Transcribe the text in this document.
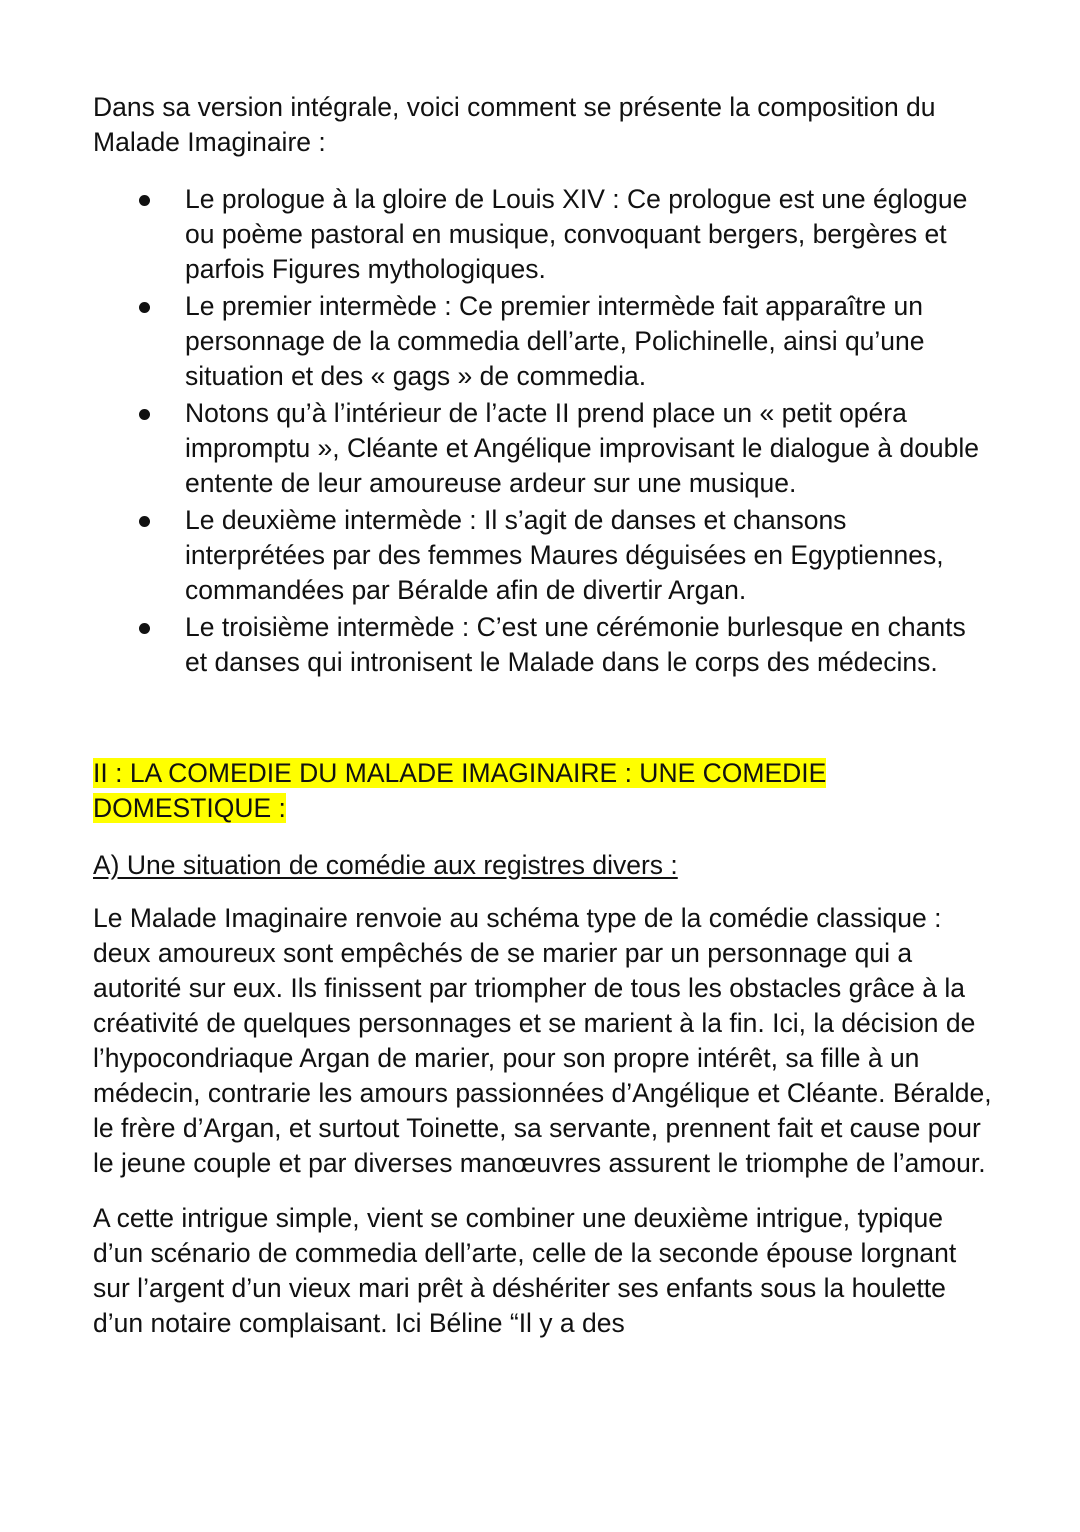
Dans sa version intégrale, voici comment se présente la composition du Malade Imaginaire :

Le prologue à la gloire de Louis XIV : Ce prologue est une églogue ou poème pastoral en musique, convoquant bergers, bergères et parfois Figures mythologiques.
Le premier intermède : Ce premier intermède fait apparaître un personnage de la commedia dell’arte, Polichinelle, ainsi qu’une situation et des « gags » de commedia.
Notons qu’à l’intérieur de l’acte II prend place un « petit opéra impromptu », Cléante et Angélique improvisant le dialogue à double entente de leur amoureuse ardeur sur une musique.
Le deuxième intermède : Il s’agit de danses et chansons interprétées par des femmes Maures déguisées en Egyptiennes, commandées par Béralde afin de divertir Argan.
Le troisième intermède : C’est une cérémonie burlesque en chants et danses qui intronisent le Malade dans le corps des médecins.

II : LA COMEDIE DU MALADE IMAGINAIRE : UNE COMEDIE DOMESTIQUE :

A) Une situation de comédie aux registres divers :

Le Malade Imaginaire renvoie au schéma type de la comédie classique : deux amoureux sont empêchés de se marier par un personnage qui a autorité sur eux. Ils finissent par triompher de tous les obstacles grâce à la créativité de quelques personnages et se marient à la fin. Ici, la décision de l’hypocondriaque Argan de marier, pour son propre intérêt, sa fille à un médecin, contrarie les amours passionnées d’Angélique et Cléante. Béralde, le frère d’Argan, et surtout Toinette, sa servante, prennent fait et cause pour le jeune couple et par diverses manœuvres assurent le triomphe de l’amour.

A cette intrigue simple, vient se combiner une deuxième intrigue, typique d’un scénario de commedia dell’arte, celle de la seconde épouse lorgnant sur l’argent d’un vieux mari prêt à déshériter ses enfants sous la houlette d’un notaire complaisant. Ici Béline “Il y a des
